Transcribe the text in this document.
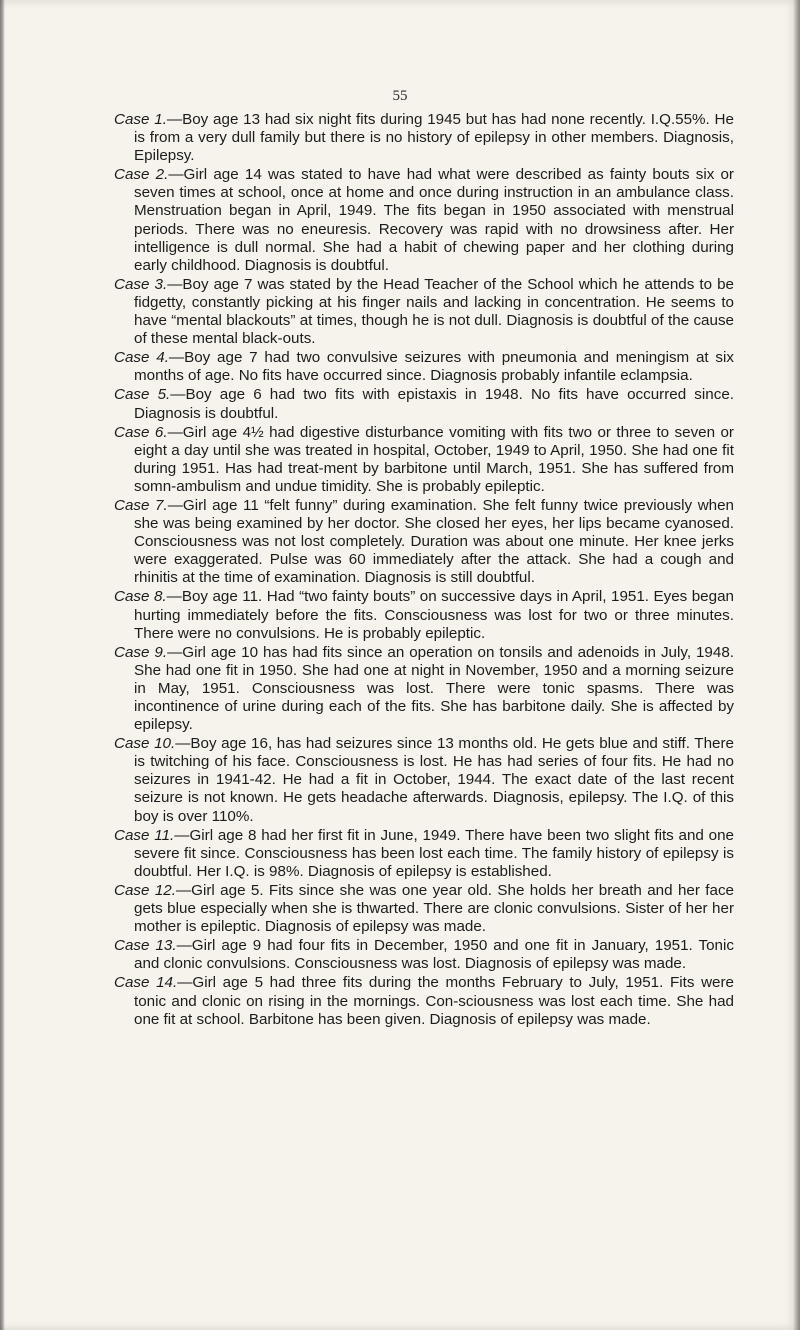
55

Case 1.—Boy age 13 had six night fits during 1945 but has had none recently. I.Q.55%. He is from a very dull family but there is no history of epilepsy in other members. Diagnosis, Epilepsy.

Case 2.—Girl age 14 was stated to have had what were described as fainty bouts six or seven times at school, once at home and once during instruction in an ambulance class. Menstruation began in April, 1949. The fits began in 1950 associated with menstrual periods. There was no eneuresis. Recovery was rapid with no drowsiness after. Her intelligence is dull normal. She had a habit of chewing paper and her clothing during early childhood. Diagnosis is doubtful.

Case 3.—Boy age 7 was stated by the Head Teacher of the School which he attends to be fidgetty, constantly picking at his finger nails and lacking in concentration. He seems to have “mental blackouts” at times, though he is not dull. Diagnosis is doubtful of the cause of these mental black-outs.

Case 4.—Boy age 7 had two convulsive seizures with pneumonia and meningism at six months of age. No fits have occurred since. Diagnosis probably infantile eclampsia.

Case 5.—Boy age 6 had two fits with epistaxis in 1948. No fits have occurred since. Diagnosis is doubtful.

Case 6.—Girl age 4½ had digestive disturbance vomiting with fits two or three to seven or eight a day until she was treated in hospital, October, 1949 to April, 1950. She had one fit during 1951. Has had treat-ment by barbitone until March, 1951. She has suffered from somn-ambulism and undue timidity. She is probably epileptic.

Case 7.—Girl age 11 “felt funny” during examination. She felt funny twice previously when she was being examined by her doctor. She closed her eyes, her lips became cyanosed. Consciousness was not lost completely. Duration was about one minute. Her knee jerks were exaggerated. Pulse was 60 immediately after the attack. She had a cough and rhinitis at the time of examination. Diagnosis is still doubtful.

Case 8.—Boy age 11. Had “two fainty bouts” on successive days in April, 1951. Eyes began hurting immediately before the fits. Consciousness was lost for two or three minutes. There were no convulsions. He is probably epileptic.

Case 9.—Girl age 10 has had fits since an operation on tonsils and adenoids in July, 1948. She had one fit in 1950. She had one at night in November, 1950 and a morning seizure in May, 1951. Consciousness was lost. There were tonic spasms. There was incontinence of urine during each of the fits. She has barbitone daily. She is affected by epilepsy.

Case 10.—Boy age 16, has had seizures since 13 months old. He gets blue and stiff. There is twitching of his face. Consciousness is lost. He has had series of four fits. He had no seizures in 1941-42. He had a fit in October, 1944. The exact date of the last recent seizure is not known. He gets headache afterwards. Diagnosis, epilepsy. The I.Q. of this boy is over 110%.

Case 11.—Girl age 8 had her first fit in June, 1949. There have been two slight fits and one severe fit since. Consciousness has been lost each time. The family history of epilepsy is doubtful. Her I.Q. is 98%. Diagnosis of epilepsy is established.

Case 12.—Girl age 5. Fits since she was one year old. She holds her breath and her face gets blue especially when she is thwarted. There are clonic convulsions. Sister of her her mother is epileptic. Diagnosis of epilepsy was made.

Case 13.—Girl age 9 had four fits in December, 1950 and one fit in January, 1951. Tonic and clonic convulsions. Consciousness was lost. Diagnosis of epilepsy was made.

Case 14.—Girl age 5 had three fits during the months February to July, 1951. Fits were tonic and clonic on rising in the mornings. Con-sciousness was lost each time. She had one fit at school. Barbitone has been given. Diagnosis of epilepsy was made.
